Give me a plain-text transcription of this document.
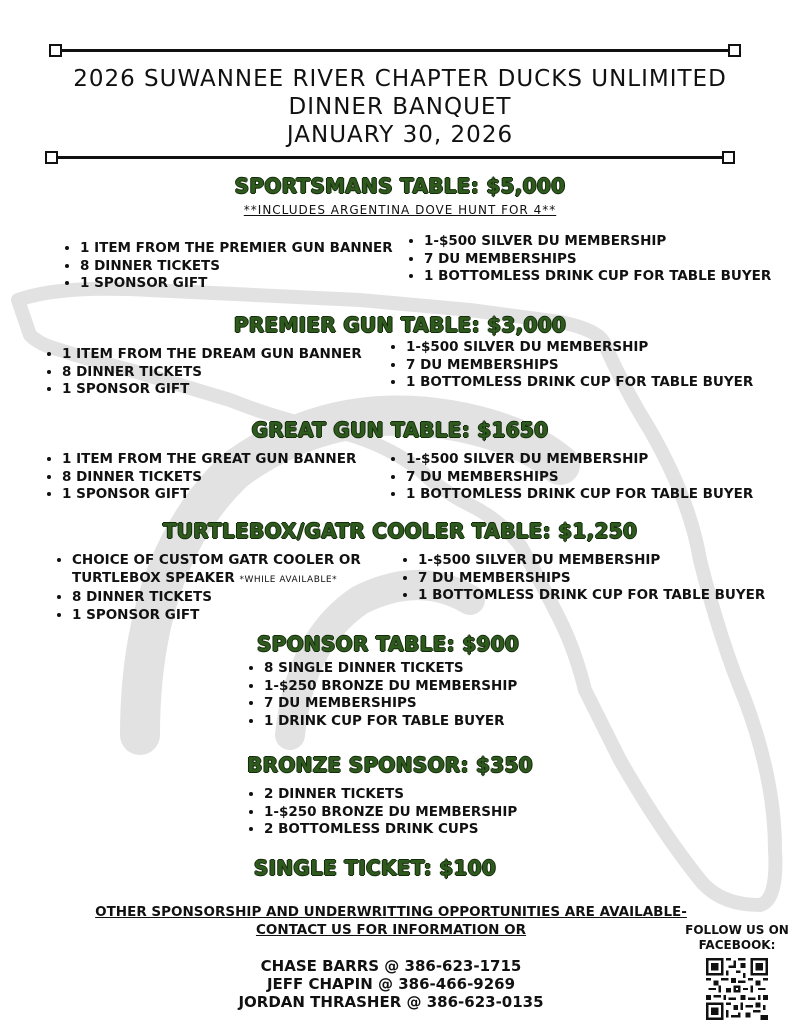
2026 SUWANNEE RIVER CHAPTER DUCKS UNLIMITED
DINNER BANQUET
JANUARY 30, 2026
SPORTSMANS TABLE: $5,000
**INCLUDES ARGENTINA DOVE HUNT FOR 4**
• 1 ITEM FROM THE PREMIER GUN BANNER
• 8 DINNER TICKETS
• 1 SPONSOR GIFT
• 1-$500 SILVER DU MEMBERSHIP
• 7 DU MEMBERSHIPS
• 1 BOTTOMLESS DRINK CUP FOR TABLE BUYER
PREMIER GUN TABLE: $3,000
• 1 ITEM FROM THE DREAM GUN BANNER
• 8 DINNER TICKETS
• 1 SPONSOR GIFT
• 1-$500 SILVER DU MEMBERSHIP
• 7 DU MEMBERSHIPS
• 1 BOTTOMLESS DRINK CUP FOR TABLE BUYER
GREAT GUN TABLE: $1650
• 1 ITEM FROM THE GREAT GUN BANNER
• 8 DINNER TICKETS
• 1 SPONSOR GIFT
• 1-$500 SILVER DU MEMBERSHIP
• 7 DU MEMBERSHIPS
• 1 BOTTOMLESS DRINK CUP FOR TABLE BUYER
TURTLEBOX/GATR COOLER TABLE: $1,250
• CHOICE OF CUSTOM GATR COOLER OR
TURTLEBOX SPEAKER *WHILE AVAILABLE*
• 8 DINNER TICKETS
• 1 SPONSOR GIFT
• 1-$500 SILVER DU MEMBERSHIP
• 7 DU MEMBERSHIPS
• 1 BOTTOMLESS DRINK CUP FOR TABLE BUYER
SPONSOR TABLE: $900
• 8 SINGLE DINNER TICKETS
• 1-$250 BRONZE DU MEMBERSHIP
• 7 DU MEMBERSHIPS
• 1 DRINK CUP FOR TABLE BUYER
BRONZE SPONSOR: $350
• 2 DINNER TICKETS
• 1-$250 BRONZE DU MEMBERSHIP
• 2 BOTTOMLESS DRINK CUPS
SINGLE TICKET: $100
OTHER SPONSORSHIP AND UNDERWRITTING OPPORTUNITIES ARE AVAILABLE-
CONTACT US FOR INFORMATION OR
CHASE BARRS @ 386-623-1715
JEFF CHAPIN @ 386-466-9269
JORDAN THRASHER @ 386-623-0135
FOLLOW US ON
FACEBOOK:
